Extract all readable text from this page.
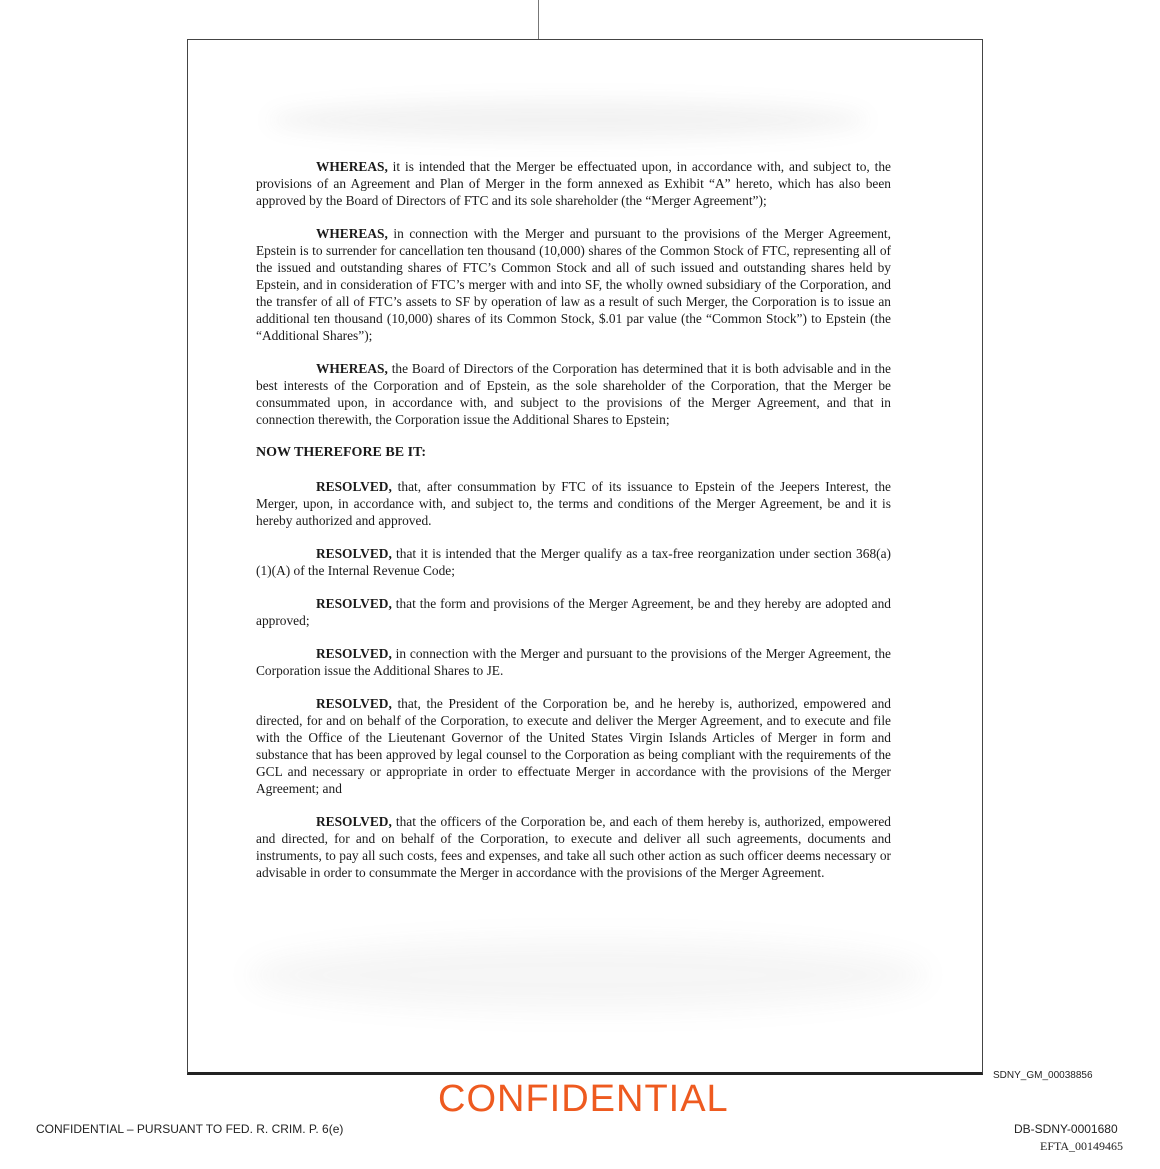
WHEREAS, it is intended that the Merger be effectuated upon, in accordance with, and subject to, the provisions of an Agreement and Plan of Merger in the form annexed as Exhibit “A” hereto, which has also been approved by the Board of Directors of FTC and its sole shareholder (the “Merger Agreement”);

WHEREAS, in connection with the Merger and pursuant to the provisions of the Merger Agreement, Epstein is to surrender for cancellation ten thousand (10,000) shares of the Common Stock of FTC, representing all of the issued and outstanding shares of FTC’s Common Stock and all of such issued and outstanding shares held by Epstein, and in consideration of FTC’s merger with and into SF, the wholly owned subsidiary of the Corporation, and the transfer of all of FTC’s assets to SF by operation of law as a result of such Merger, the Corporation is to issue an additional ten thousand (10,000) shares of its Common Stock, $.01 par value (the “Common Stock”) to Epstein (the “Additional Shares”);

WHEREAS, the Board of Directors of the Corporation has determined that it is both advisable and in the best interests of the Corporation and of Epstein, as the sole shareholder of the Corporation, that the Merger be consummated upon, in accordance with, and subject to the provisions of the Merger Agreement, and that in connection therewith, the Corporation issue the Additional Shares to Epstein;

NOW THEREFORE BE IT:

RESOLVED, that, after consummation by FTC of its issuance to Epstein of the Jeepers Interest, the Merger, upon, in accordance with, and subject to, the terms and conditions of the Merger Agreement, be and it is hereby authorized and approved.

RESOLVED, that it is intended that the Merger qualify as a tax-free reorganization under section 368(a)(1)(A) of the Internal Revenue Code;

RESOLVED, that the form and provisions of the Merger Agreement, be and they hereby are adopted and approved;

RESOLVED, in connection with the Merger and pursuant to the provisions of the Merger Agreement, the Corporation issue the Additional Shares to JE.

RESOLVED, that, the President of the Corporation be, and he hereby is, authorized, empowered and directed, for and on behalf of the Corporation, to execute and deliver the Merger Agreement, and to execute and file with the Office of the Lieutenant Governor of the United States Virgin Islands Articles of Merger in form and substance that has been approved by legal counsel to the Corporation as being compliant with the requirements of the GCL and necessary or appropriate in order to effectuate Merger in accordance with the provisions of the Merger Agreement; and

RESOLVED, that the officers of the Corporation be, and each of them hereby is, authorized, empowered and directed, for and on behalf of the Corporation, to execute and deliver all such agreements, documents and instruments, to pay all such costs, fees and expenses, and take all such other action as such officer deems necessary or advisable in order to consummate the Merger in accordance with the provisions of the Merger Agreement.

SDNY_GM_00038856
CONFIDENTIAL
CONFIDENTIAL – PURSUANT TO FED. R. CRIM. P. 6(e)	DB-SDNY-0001680
EFTA_00149465
